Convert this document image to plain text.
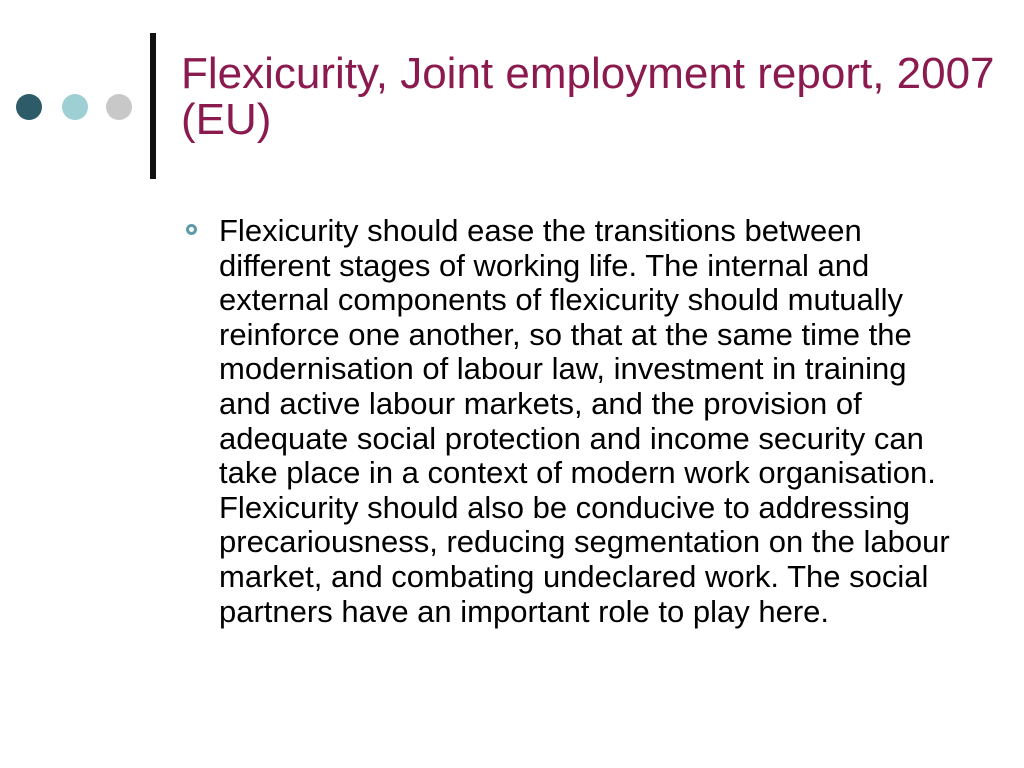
Flexicurity, Joint employment report, 2007 (EU)

Flexicurity should ease the transitions between different stages of working life. The internal and external components of flexicurity should mutually reinforce one another, so that at the same time the modernisation of labour law, investment in training and active labour markets, and the provision of adequate social protection and income security can take place in a context of modern work organisation. Flexicurity should also be conducive to addressing precariousness, reducing segmentation on the labour market, and combating undeclared work. The social partners have an important role to play here.
